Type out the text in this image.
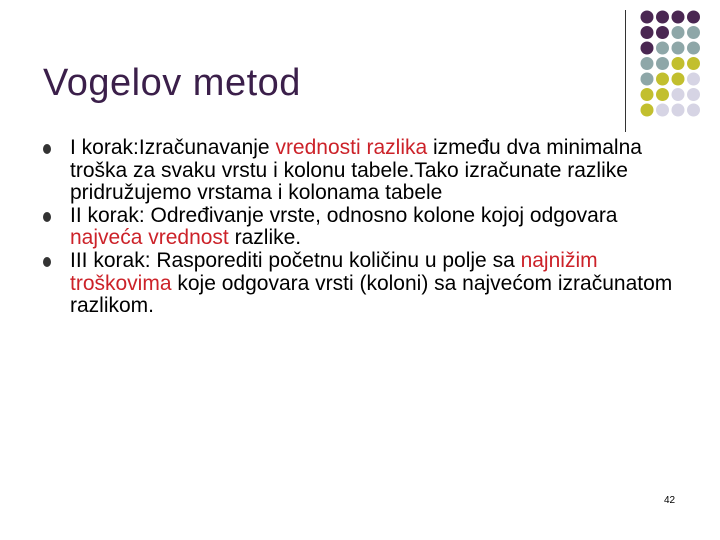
Vogelov metod
I korak:Izračunavanje vrednosti razlika između dva minimalna troška za svaku vrstu i kolonu tabele.Tako izračunate razlike pridružujemo vrstama i kolonama tabele
II korak: Određivanje vrste, odnosno kolone kojoj odgovara najveća vrednost razlike.
III korak: Rasporediti početnu količinu u polje sa najnižim troškovima koje odgovara vrsti (koloni) sa najvećom izračunatom razlikom.
42
